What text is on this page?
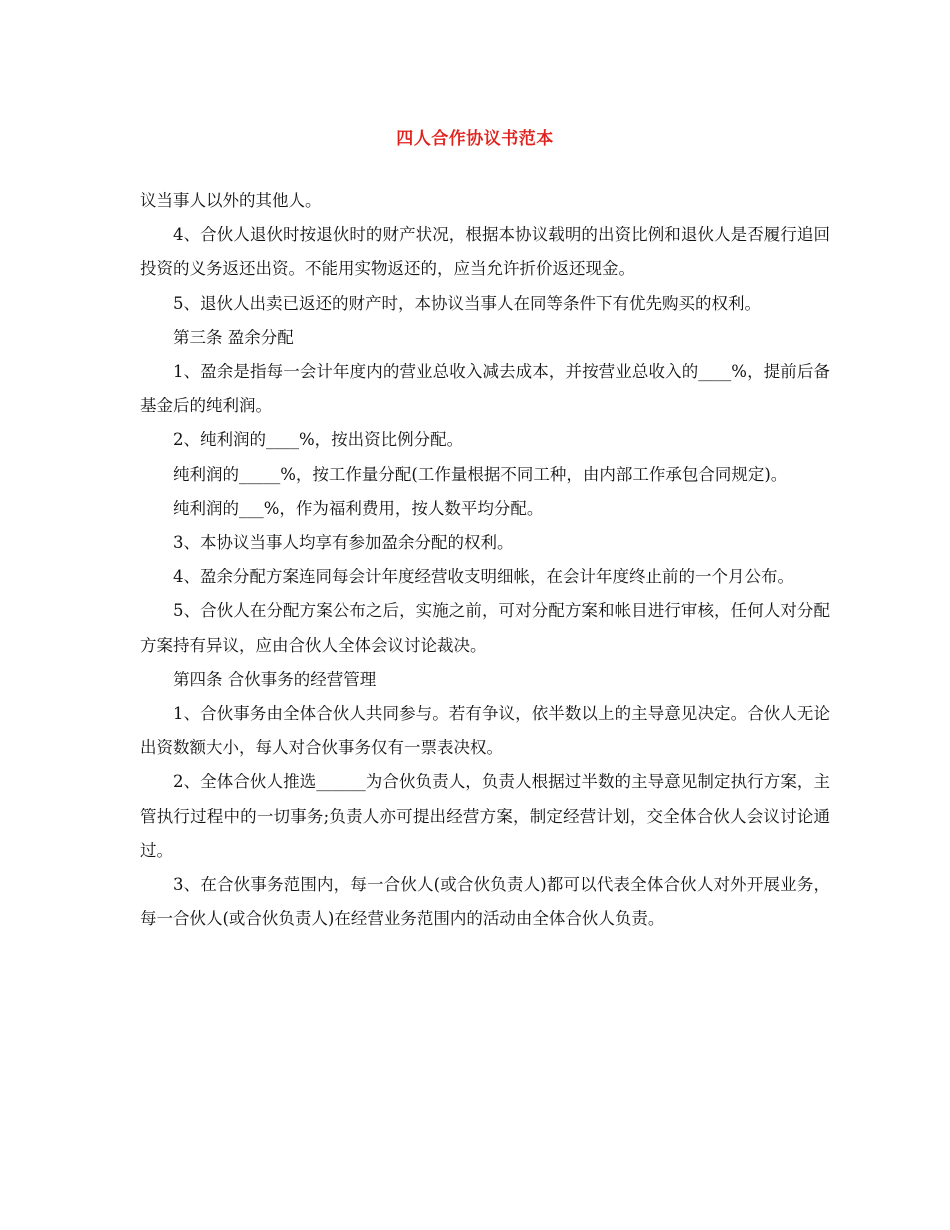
四人合作协议书范本

议当事人以外的其他人。

4、合伙人退伙时按退伙时的财产状况，根据本协议载明的出资比例和退伙人是否履行追回投资的义务返还出资。不能用实物返还的，应当允许折价返还现金。

5、退伙人出卖已返还的财产时，本协议当事人在同等条件下有优先购买的权利。

第三条 盈余分配

1、盈余是指每一会计年度内的营业总收入减去成本，并按营业总收入的____%，提前后备基金后的纯利润。

2、纯利润的____%，按出资比例分配。

纯利润的_____%，按工作量分配(工作量根据不同工种，由内部工作承包合同规定)。

纯利润的___%，作为福利费用，按人数平均分配。

3、本协议当事人均享有参加盈余分配的权利。

4、盈余分配方案连同每会计年度经营收支明细帐，在会计年度终止前的一个月公布。

5、合伙人在分配方案公布之后，实施之前，可对分配方案和帐目进行审核，任何人对分配方案持有异议，应由合伙人全体会议讨论裁决。

第四条 合伙事务的经营管理

1、合伙事务由全体合伙人共同参与。若有争议，依半数以上的主导意见决定。合伙人无论出资数额大小，每人对合伙事务仅有一票表决权。

2、全体合伙人推选______为合伙负责人，负责人根据过半数的主导意见制定执行方案，主管执行过程中的一切事务;负责人亦可提出经营方案，制定经营计划，交全体合伙人会议讨论通过。

3、在合伙事务范围内，每一合伙人(或合伙负责人)都可以代表全体合伙人对外开展业务，每一合伙人(或合伙负责人)在经营业务范围内的活动由全体合伙人负责。
